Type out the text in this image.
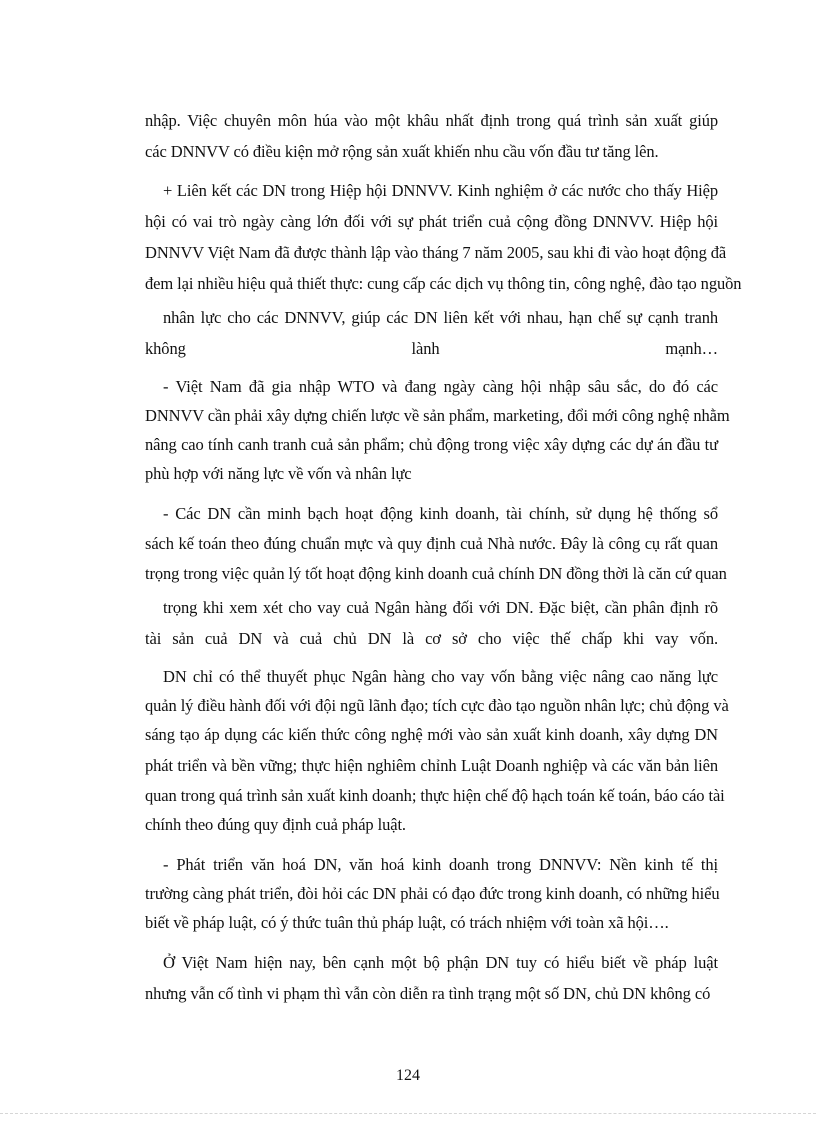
nhập. Việc chuyên môn húa vào một khâu nhất định trong quá trình sản xuất giúp
các DNNVV có điều kiện mở rộng sản xuất khiến nhu cầu vốn đầu tư tăng lên.
+ Liên kết các DN trong Hiệp hội DNNVV. Kinh nghiệm ở các nước cho thấy Hiệp
hội có vai trò ngày càng lớn đối với sự phát triển cuả cộng đồng DNNVV. Hiệp hội
DNNVV Việt Nam đã được thành lập vào tháng 7 năm 2005, sau khi đi vào hoạt động đã
đem lại nhiều hiệu quả thiết thực: cung cấp các dịch vụ thông tin, công nghệ, đào tạo nguồn
nhân lực cho các DNNVV, giúp các DN liên kết với nhau, hạn chế sự cạnh tranh
không lành mạnh…
- Việt Nam đã gia nhập WTO và đang ngày càng hội nhập sâu sắc, do đó các
DNNVV cần phải xây dựng chiến lược về sản phẩm, marketing, đổi mới công nghệ nhằm
nâng cao tính canh tranh cuả sản phẩm; chủ động trong việc xây dựng các dự án đầu tư
phù hợp với năng lực về vốn và nhân lực
- Các DN cần minh bạch hoạt động kinh doanh, tài chính, sử dụng hệ thống sổ
sách kế toán theo đúng chuẩn mực và quy định cuả Nhà nước. Đây là công cụ rất quan
trọng trong việc quản lý tốt hoạt động kinh doanh cuả chính DN đồng thời là căn cứ quan
trọng khi xem xét cho vay cuả Ngân hàng đối với DN. Đặc biệt, cần phân định rõ
tài sản cuả DN và cuả chủ DN là cơ sở cho việc thế chấp khi vay vốn.
DN chỉ có thể thuyết phục Ngân hàng cho vay vốn bằng việc nâng cao năng lực
quản lý điều hành đối với đội ngũ lãnh đạo; tích cực đào tạo nguồn nhân lực; chủ động và
sáng tạo áp dụng các kiến thức công nghệ mới vào sản xuất kinh doanh, xây dựng DN
phát triển và bền vững; thực hiện nghiêm chỉnh Luật Doanh nghiệp và các văn bản liên
quan trong quá trình sản xuất kinh doanh; thực hiện chế độ hạch toán kế toán, báo cáo tài
chính theo đúng quy định cuả pháp luật.
- Phát triển văn hoá DN, văn hoá kinh doanh trong DNNVV: Nền kinh tế thị
trường càng phát triển, đòi hỏi các DN phải có đạo đức trong kinh doanh, có những hiểu
biết về pháp luật, có ý thức tuân thủ pháp luật, có trách nhiệm với toàn xã hội….
Ở Việt Nam hiện nay, bên cạnh một bộ phận DN tuy có hiểu biết về pháp luật
nhưng vẫn cố tình vi phạm thì vẫn còn diễn ra tình trạng một số DN, chủ DN không có
124
